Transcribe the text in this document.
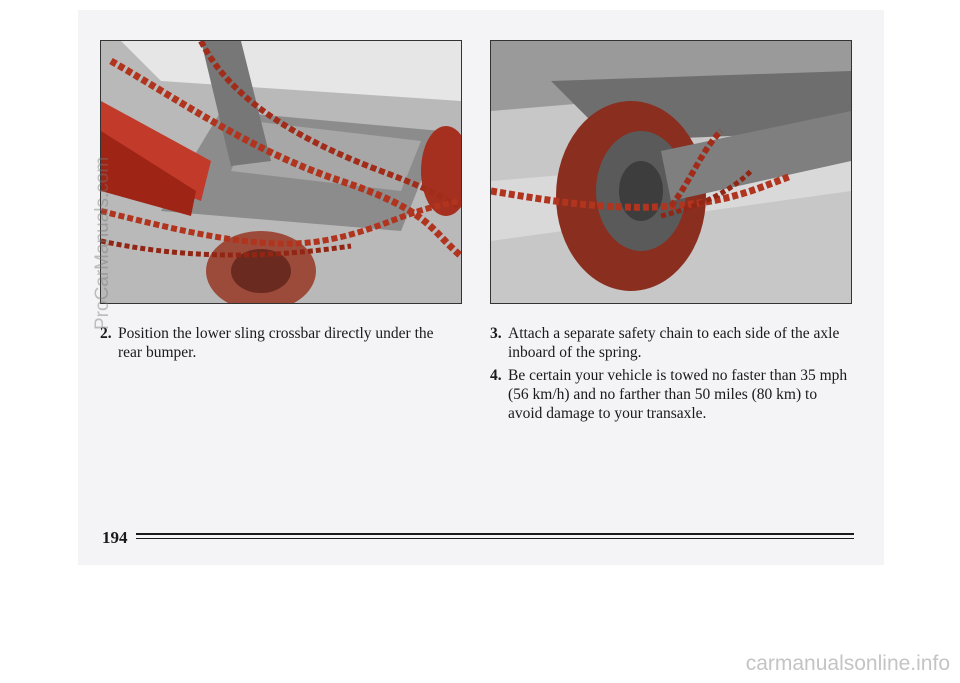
2. Position the lower sling crossbar directly under the
rear bumper.
3. Attach a separate safety chain to each side of the axle
inboard of the spring.
4. Be certain your vehicle is towed no faster than 35 mph
(56 km/h) and no farther than 50 miles (80 km) to
avoid damage to your transaxle.
194
ProCarManuals.com
carmanualsonline.info
